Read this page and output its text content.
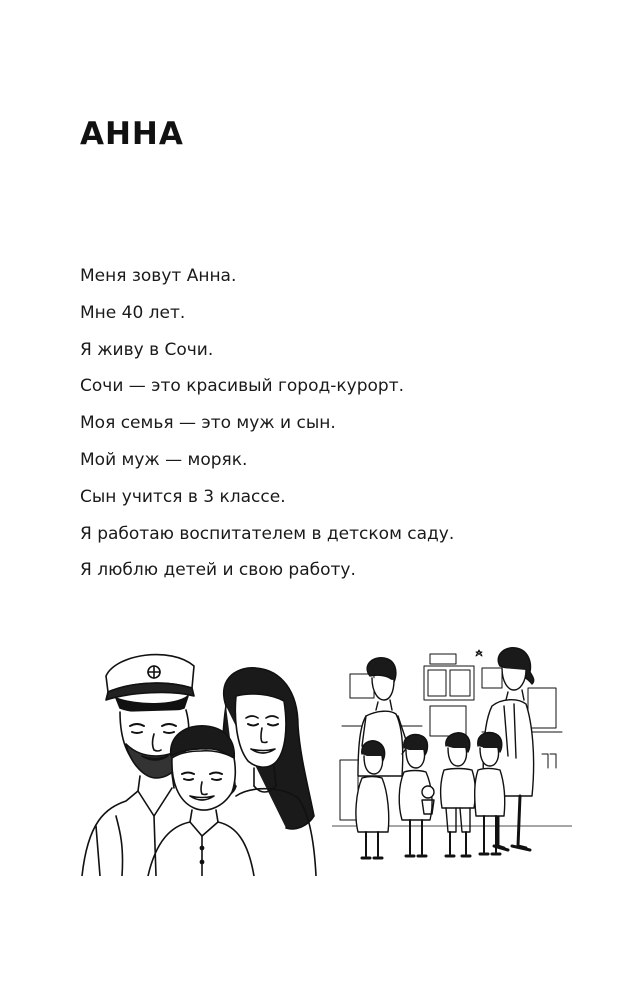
АННА
Меня зовут Анна.
Мне 40 лет.
Я живу в Сочи.
Сочи — это красивый город-курорт.
Моя семья — это муж и сын.
Мой муж — моряк.
Сын учится в 3 классе.
Я работаю воспитателем в детском саду.
Я люблю детей и свою работу.
